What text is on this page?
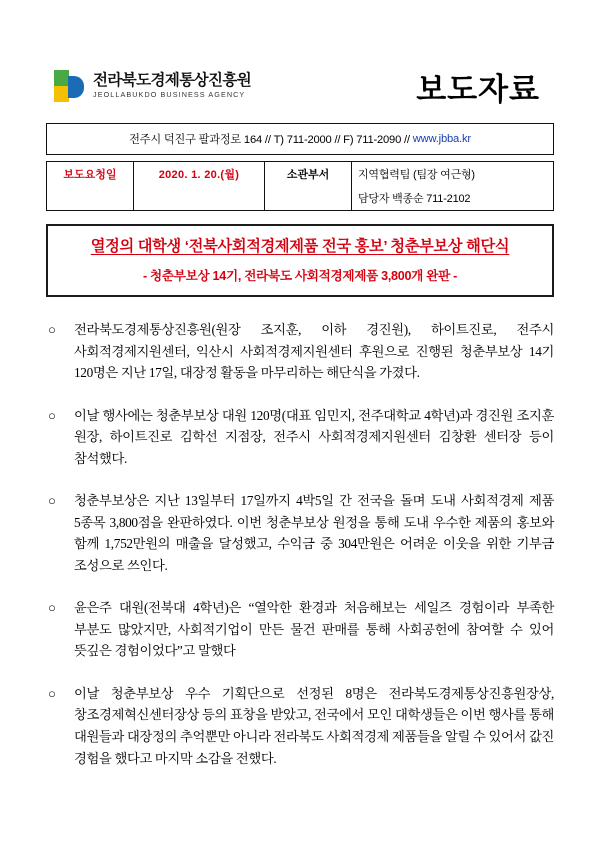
전라북도경제통상진흥원
JEOLLABUKDO BUSINESS AGENCY	보도자료
전주시 덕진구 팔과정로 164 // T) 711-2000 // F) 711-2090 //
www.jbba.kr
보도요청일	2020. 1. 20.(월)	소관부서	지역협력팀 (팀장 여근형)
			담당자 백종순 711-2102
열정의 대학생 ‘전북사회적경제제품 전국 홍보’ 청춘부보상 해단식
- 청춘부보상 14기, 전라북도 사회적경제제품 3,800개 완판 -
○	전라북도경제통상진흥원(원장 조지훈, 이하 경진원), 하이트진로, 전주시 사회적경제지원센터, 익산시 사회적경제지원센터 후원으로 진행된 청춘부보상 14기 120명은 지난 17일, 대장정 활동을 마무리하는 해단식을 가졌다.
○	이날 행사에는 청춘부보상 대원 120명(대표 임민지, 전주대학교 4학년)과 경진원 조지훈 원장, 하이트진로 김학선 지점장, 전주시 사회적경제지원센터 김창환 센터장 등이 참석했다.
○	청춘부보상은 지난 13일부터 17일까지 4박5일 간 전국을 돌며 도내 사회적경제 제품 5종목 3,800점을 완판하였다. 이번 청춘부보상 원정을 통해 도내 우수한 제품의 홍보와 함께 1,752만원의 매출을 달성했고, 수익금 중 304만원은 어려운 이웃을 위한 기부금 조성으로 쓰인다.
○	윤은주 대원(전북대 4학년)은 “열악한 환경과 처음해보는 세일즈 경험이라 부족한 부분도 많았지만, 사회적기업이 만든 물건 판매를 통해 사회공헌에 참여할 수 있어 뜻깊은 경험이었다”고 말했다
○	이날 청춘부보상 우수 기획단으로 선정된 8명은 전라북도경제통상진흥원장상, 창조경제혁신센터장상 등의 표창을 받았고, 전국에서 모인 대학생들은 이번 행사를 통해 대원들과 대장정의 추억뿐만 아니라 전라북도 사회적경제 제품들을 알릴 수 있어서 값진 경험을 했다고 마지막 소감을 전했다.
